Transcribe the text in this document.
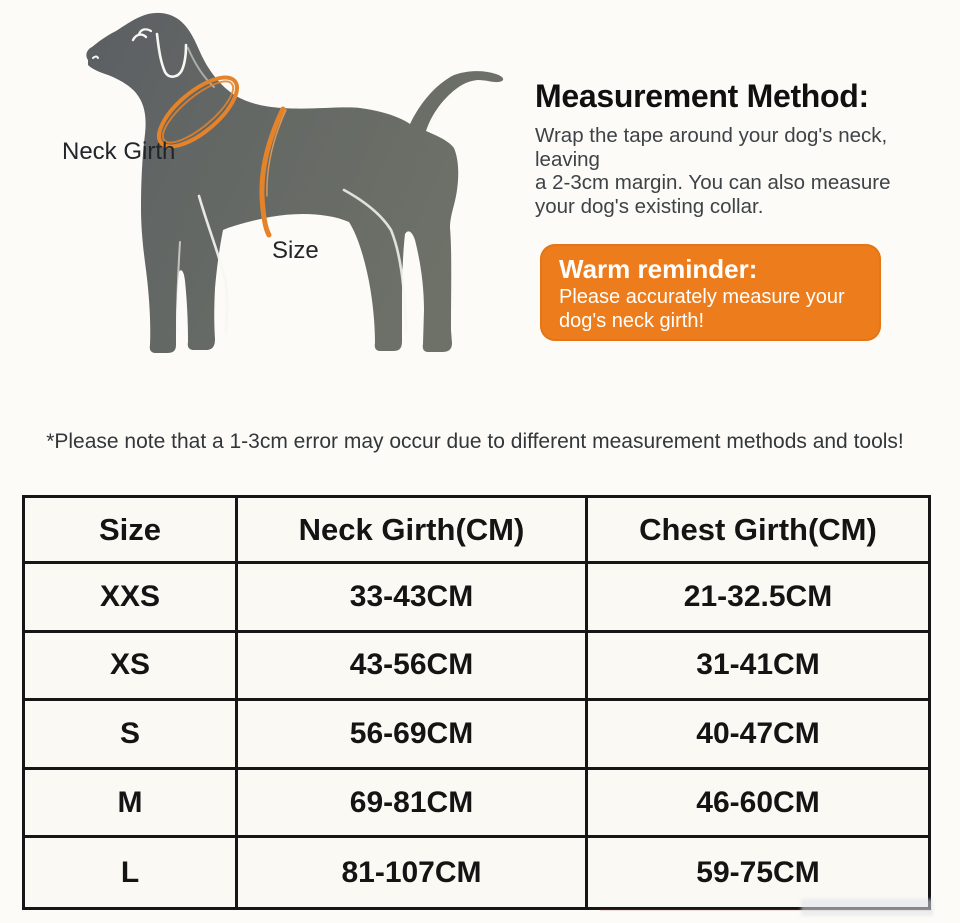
Neck Girth
Size
Measurement Method:
Wrap the tape around your dog's neck, leaving
a 2-3cm margin. You can also measure
your dog's existing collar.
Warm reminder:
Please accurately measure your
dog's neck girth!
*Please note that a 1-3cm error may occur due to different measurement methods and tools!
Size	Neck Girth(CM)	Chest Girth(CM)
XXS	33-43CM	21-32.5CM
XS	43-56CM	31-41CM
S	56-69CM	40-47CM
M	69-81CM	46-60CM
L	81-107CM	59-75CM
